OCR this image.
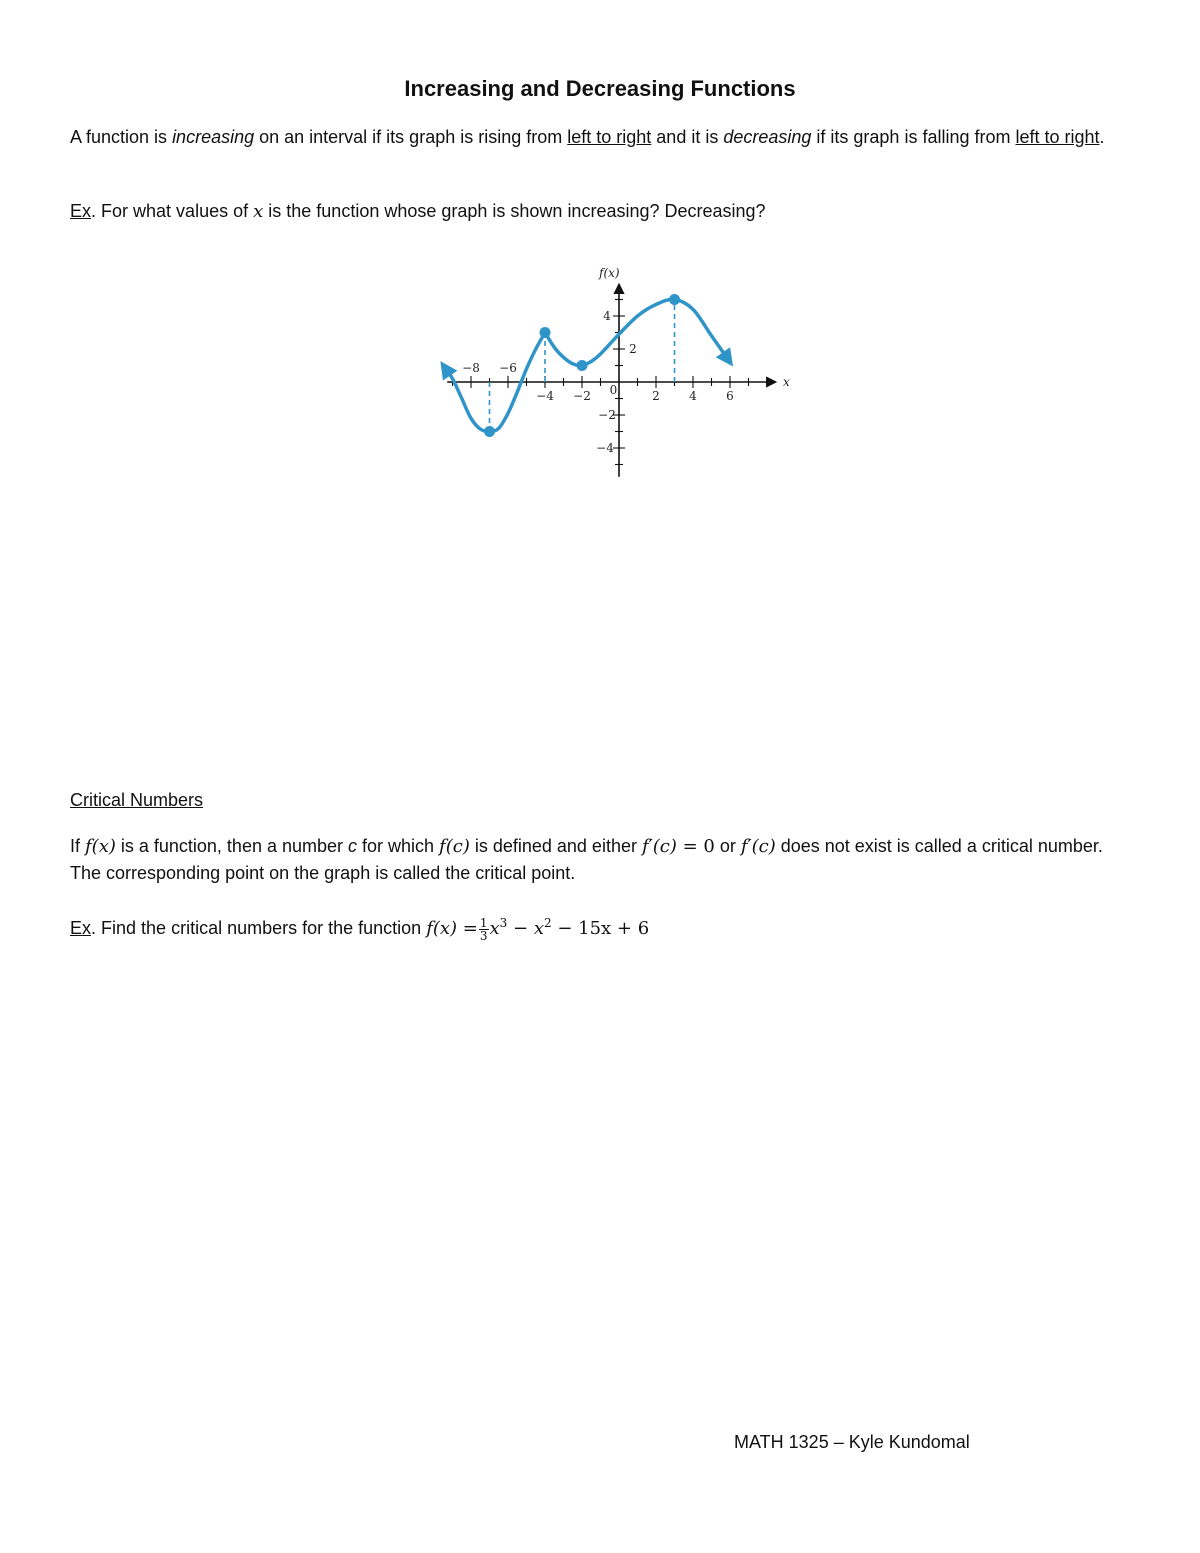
Increasing and Decreasing Functions
A function is increasing on an interval if its graph is rising from left to right and it is decreasing if its graph is falling from left to right.
Ex. For what values of x is the function whose graph is shown increasing? Decreasing?
f(x)
x
−8 −6
−4 −2 0	2 4 6
4
2
−2
−4
Critical Numbers
If f(x) is a function, then a number c for which f(c) is defined and either f′(c) = 0 or f′(c) does not exist is called a critical number. The corresponding point on the graph is called the critical point.
Ex. Find the critical numbers for the function $f(x) = \frac{1}{3} x^3 - x^2 - 15x + 6$
MATH 1325 – Kyle Kundomal
